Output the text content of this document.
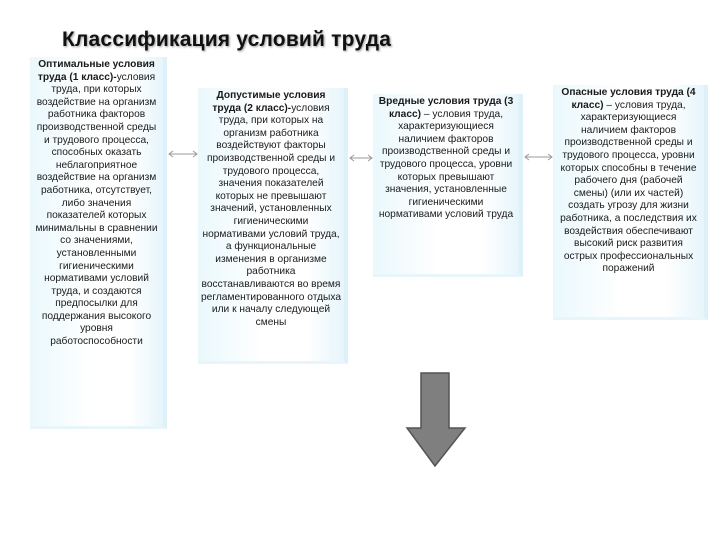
Классификация условий труда
Оптимальные условия труда (1 класс)-условия труда, при которых воздействие на организм работника факторов производственной среды и трудового процесса, способных оказать неблагоприятное воздействие на организм работника, отсутствует, либо значения показателей которых минимальны в сравнении со значениями, установленными гигиеническими нормативами условий труда, и создаются предпосылки для поддержания высокого уровня работоспособности
Допустимые условия труда (2 класс)-условия труда, при которых на организм работника воздействуют факторы производственной среды и трудового процесса, значения показателей которых не превышают значений, установленных гигиеническими нормативами условий труда, а функциональные изменения в организме работника восстанавливаются во время регламентированного отдыха или к началу следующей смены
Вредные условия труда (3 класс) – условия труда, характеризующиеся наличием факторов производственной среды и трудового процесса, уровни которых превышают значения, установленные гигиеническими нормативами условий труда
Опасные условия труда (4 класс) – условия труда, характеризующиеся наличием факторов производственной среды и трудового процесса, уровни которых способны в течение рабочего дня (рабочей смены) (или их частей) создать угрозу для жизни работника, а последствия их воздействия обеспечивают высокий риск развития острых профессиональных поражений
